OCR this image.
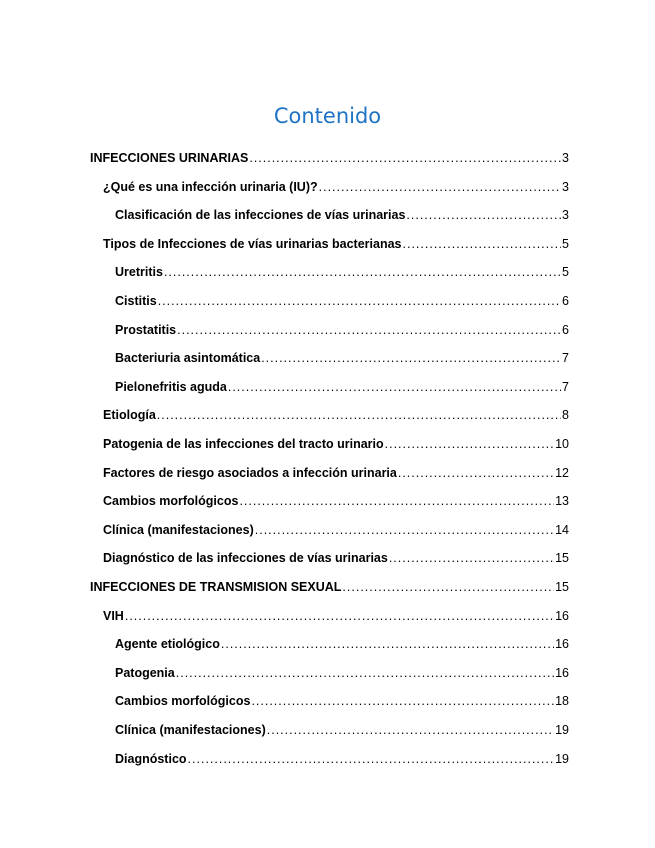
Contenido
INFECCIONES URINARIAS .....	3
¿Qué es una infección urinaria (IU)? .....	3
Clasificación de las infecciones de vías urinarias .....	3
Tipos de Infecciones de vías urinarias bacterianas .....	5
Uretritis .....	5
Cistitis .....	6
Prostatitis .....	6
Bacteriuria asintomática .....	7
Pielonefritis aguda .....	7
Etiología .....	8
Patogenia de las infecciones del tracto urinario .....	10
Factores de riesgo asociados a infección urinaria .....	12
Cambios morfológicos .....	13
Clínica (manifestaciones) .....	14
Diagnóstico de las infecciones de vías urinarias .....	15
INFECCIONES DE TRANSMISION SEXUAL .....	15
VIH .....	16
Agente etiológico .....	16
Patogenia .....	16
Cambios morfológicos .....	18
Clínica (manifestaciones) .....	19
Diagnóstico .....	19
